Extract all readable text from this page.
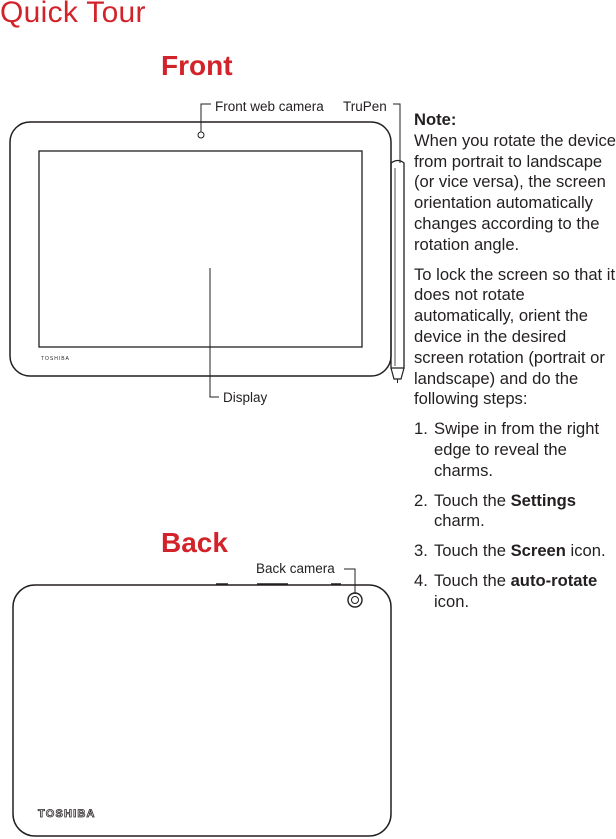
Quick Tour
Front
Back
TOSHIBA
TOSHIBA
Front web camera TruPen
Display
Back camera

Note:
When you rotate the device from portrait to landscape (or vice versa), the screen orientation automatically changes according to the rotation angle.

To lock the screen so that it does not rotate automatically, orient the device in the desired screen rotation (portrait or landscape) and do the following steps:

1. Swipe in from the right edge to reveal the charms.
2. Touch the Settings charm.
3. Touch the Screen icon.
4. Touch the auto-rotate icon.
